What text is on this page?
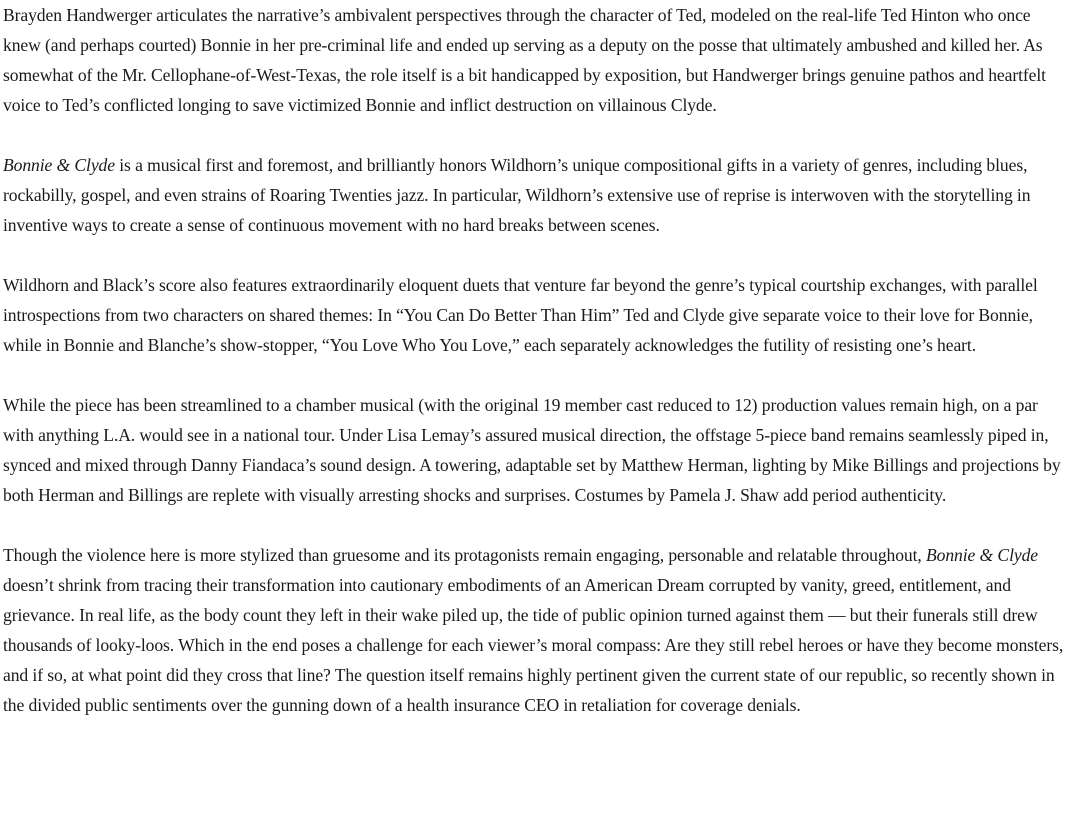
Brayden Handwerger articulates the narrative’s ambivalent perspectives through the character of Ted, modeled on the real-life Ted Hinton who once knew (and perhaps courted) Bonnie in her pre-criminal life and ended up serving as a deputy on the posse that ultimately ambushed and killed her. As somewhat of the Mr. Cellophane-of-West-Texas, the role itself is a bit handicapped by exposition, but Handwerger brings genuine pathos and heartfelt voice to Ted’s conflicted longing to save victimized Bonnie and inflict destruction on villainous Clyde.

Bonnie & Clyde is a musical first and foremost, and brilliantly honors Wildhorn’s unique compositional gifts in a variety of genres, including blues, rockabilly, gospel, and even strains of Roaring Twenties jazz. In particular, Wildhorn’s extensive use of reprise is interwoven with the storytelling in inventive ways to create a sense of continuous movement with no hard breaks between scenes.

Wildhorn and Black’s score also features extraordinarily eloquent duets that venture far beyond the genre’s typical courtship exchanges, with parallel introspections from two characters on shared themes: In “You Can Do Better Than Him” Ted and Clyde give separate voice to their love for Bonnie, while in Bonnie and Blanche’s show-stopper, “You Love Who You Love,” each separately acknowledges the futility of resisting one’s heart.

While the piece has been streamlined to a chamber musical (with the original 19 member cast reduced to 12) production values remain high, on a par with anything L.A. would see in a national tour. Under Lisa Lemay’s assured musical direction, the offstage 5-piece band remains seamlessly piped in, synced and mixed through Danny Fiandaca’s sound design. A towering, adaptable set by Matthew Herman, lighting by Mike Billings and projections by both Herman and Billings are replete with visually arresting shocks and surprises. Costumes by Pamela J. Shaw add period authenticity.

Though the violence here is more stylized than gruesome and its protagonists remain engaging, personable and relatable throughout, Bonnie & Clyde doesn’t shrink from tracing their transformation into cautionary embodiments of an American Dream corrupted by vanity, greed, entitlement, and grievance. In real life, as the body count they left in their wake piled up, the tide of public opinion turned against them — but their funerals still drew thousands of looky-loos. Which in the end poses a challenge for each viewer’s moral compass: Are they still rebel heroes or have they become monsters, and if so, at what point did they cross that line? The question itself remains highly pertinent given the current state of our republic, so recently shown in the divided public sentiments over the gunning down of a health insurance CEO in retaliation for coverage denials.
